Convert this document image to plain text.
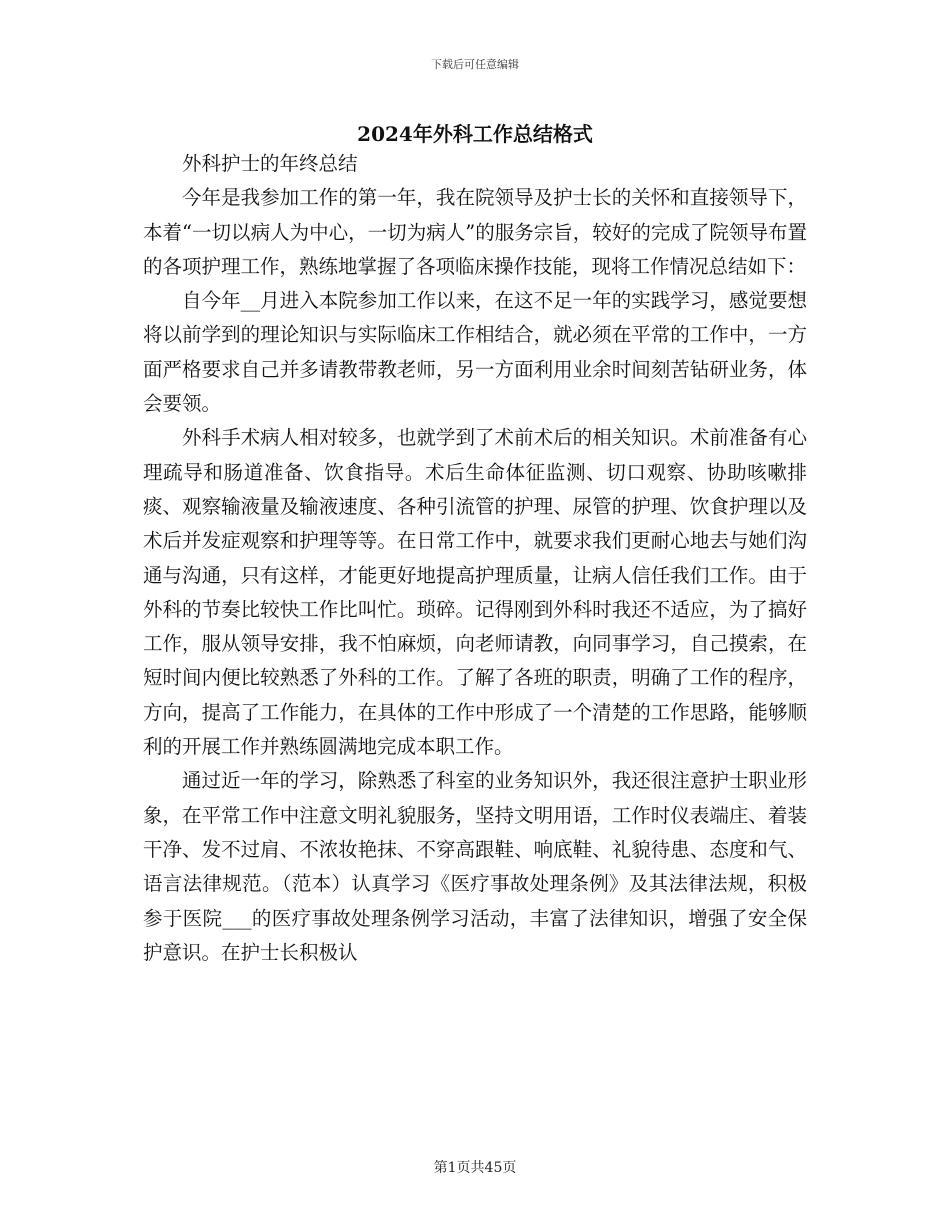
下载后可任意编辑
2024年外科工作总结格式

外科护士的年终总结

今年是我参加工作的第一年，我在院领导及护士长的关怀和直接领导下，本着“一切以病人为中心，一切为病人”的服务宗旨，较好的完成了院领导布置的各项护理工作，熟练地掌握了各项临床操作技能，现将工作情况总结如下：

自今年__月进入本院参加工作以来，在这不足一年的实践学习，感觉要想将以前学到的理论知识与实际临床工作相结合，就必须在平常的工作中，一方面严格要求自己并多请教带教老师，另一方面利用业余时间刻苦钻研业务，体会要领。

外科手术病人相对较多，也就学到了术前术后的相关知识。术前准备有心理疏导和肠道准备、饮食指导。术后生命体征监测、切口观察、协助咳嗽排痰、观察输液量及输液速度、各种引流管的护理、尿管的护理、饮食护理以及术后并发症观察和护理等等。在日常工作中，就要求我们更耐心地去与她们沟通与沟通，只有这样，才能更好地提高护理质量，让病人信任我们工作。由于外科的节奏比较快工作比叫忙。琐碎。记得刚到外科时我还不适应，为了搞好工作，服从领导安排，我不怕麻烦，向老师请教，向同事学习，自己摸索，在短时间内便比较熟悉了外科的工作。了解了各班的职责，明确了工作的程序，方向，提高了工作能力，在具体的工作中形成了一个清楚的工作思路，能够顺利的开展工作并熟练圆满地完成本职工作。

通过近一年的学习，除熟悉了科室的业务知识外，我还很注意护士职业形象，在平常工作中注意文明礼貌服务，坚持文明用语，工作时仪表端庄、着装干净、发不过肩、不浓妆艳抹、不穿高跟鞋、响底鞋、礼貌待患、态度和气、语言法律规范。（范本）认真学习《医疗事故处理条例》及其法律法规，积极参于医院___的医疗事故处理条例学习活动，丰富了法律知识，增强了安全保护意识。在护士长积极认

第1页共45页
